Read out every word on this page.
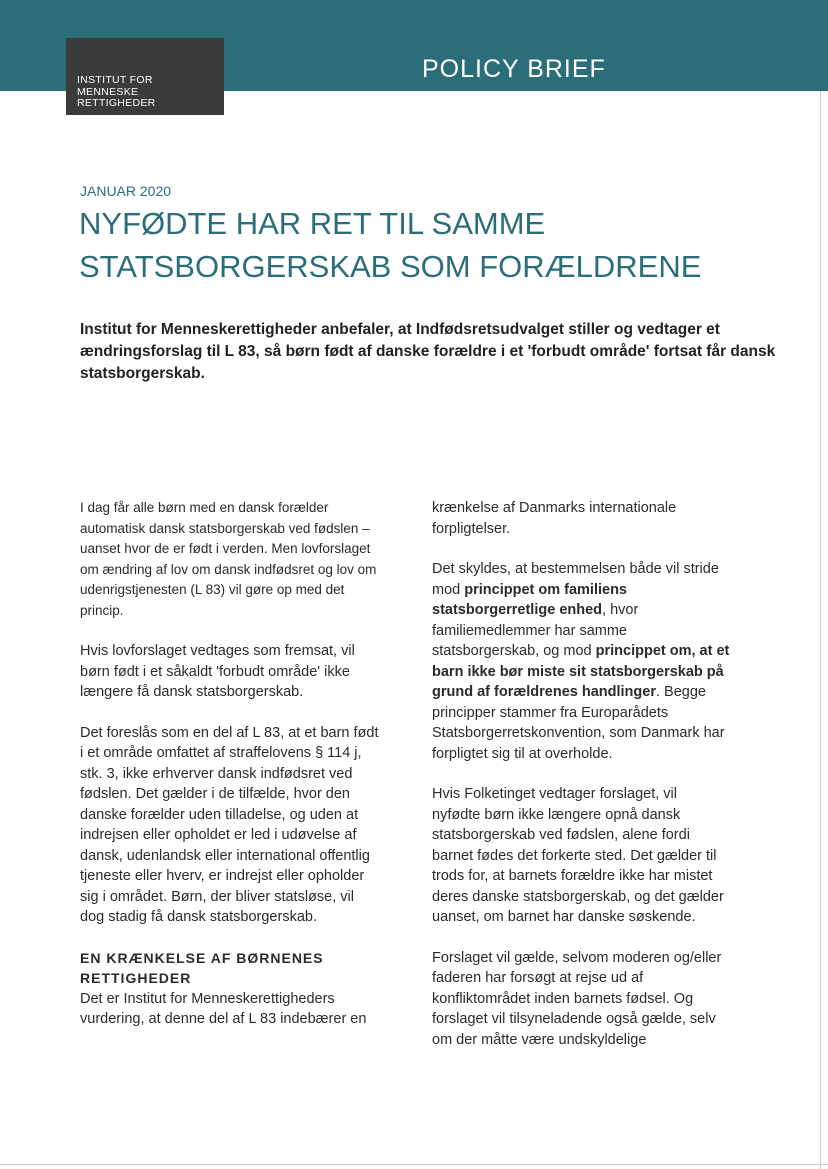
POLICY BRIEF
INSTITUT FOR
MENNESKE
RETTIGHEDER
JANUAR 2020
NYFØDTE HAR RET TIL SAMME
STATSBORGERSKAB SOM FORÆLDRENE
Institut for Menneskerettigheder anbefaler, at Indfødsretsudvalget stiller og vedtager et
ændringsforslag til L 83, så børn født af danske forældre i et 'forbudt område' fortsat får dansk
statsborgerskab.
I dag får alle børn med en dansk forælder
automatisk dansk statsborgerskab ved fødslen –
uanset hvor de er født i verden. Men lovforslaget
om ændring af lov om dansk indfødsret og lov om
udenrigstjenesten (L 83) vil gøre op med det
princip.
Hvis lovforslaget vedtages som fremsat, vil
børn født i et såkaldt 'forbudt område' ikke
længere få dansk statsborgerskab.
Det foreslås som en del af L 83, at et barn født
i et område omfattet af straffelovens § 114 j,
stk. 3, ikke erhverver dansk indfødsret ved
fødslen. Det gælder i de tilfælde, hvor den
danske forælder uden tilladelse, og uden at
indrejsen eller opholdet er led i udøvelse af
dansk, udenlandsk eller international offentlig
tjeneste eller hverv, er indrejst eller opholder
sig i området. Børn, der bliver statsløse, vil
dog stadig få dansk statsborgerskab.
EN KRÆNKELSE AF BØRNENES
RETTIGHEDER
Det er Institut for Menneskerettigheders
vurdering, at denne del af L 83 indebærer en
krænkelse af Danmarks internationale
forpligtelser.
Det skyldes, at bestemmelsen både vil stride
mod princippet om familiens
statsborgerretlige enhed, hvor
familiemedlemmer har samme
statsborgerskab, og mod princippet om, at et
barn ikke bør miste sit statsborgerskab på
grund af forældrenes handlinger. Begge
principper stammer fra Europarådets
Statsborgerretskonvention, som Danmark har
forpligtet sig til at overholde.
Hvis Folketinget vedtager forslaget, vil
nyfødte børn ikke længere opnå dansk
statsborgerskab ved fødslen, alene fordi
barnet fødes det forkerte sted. Det gælder til
trods for, at barnets forældre ikke har mistet
deres danske statsborgerskab, og det gælder
uanset, om barnet har danske søskende.
Forslaget vil gælde, selvom moderen og/eller
faderen har forsøgt at rejse ud af
konfliktområdet inden barnets fødsel. Og
forslaget vil tilsyneladende også gælde, selv
om der måtte være undskyldelige
